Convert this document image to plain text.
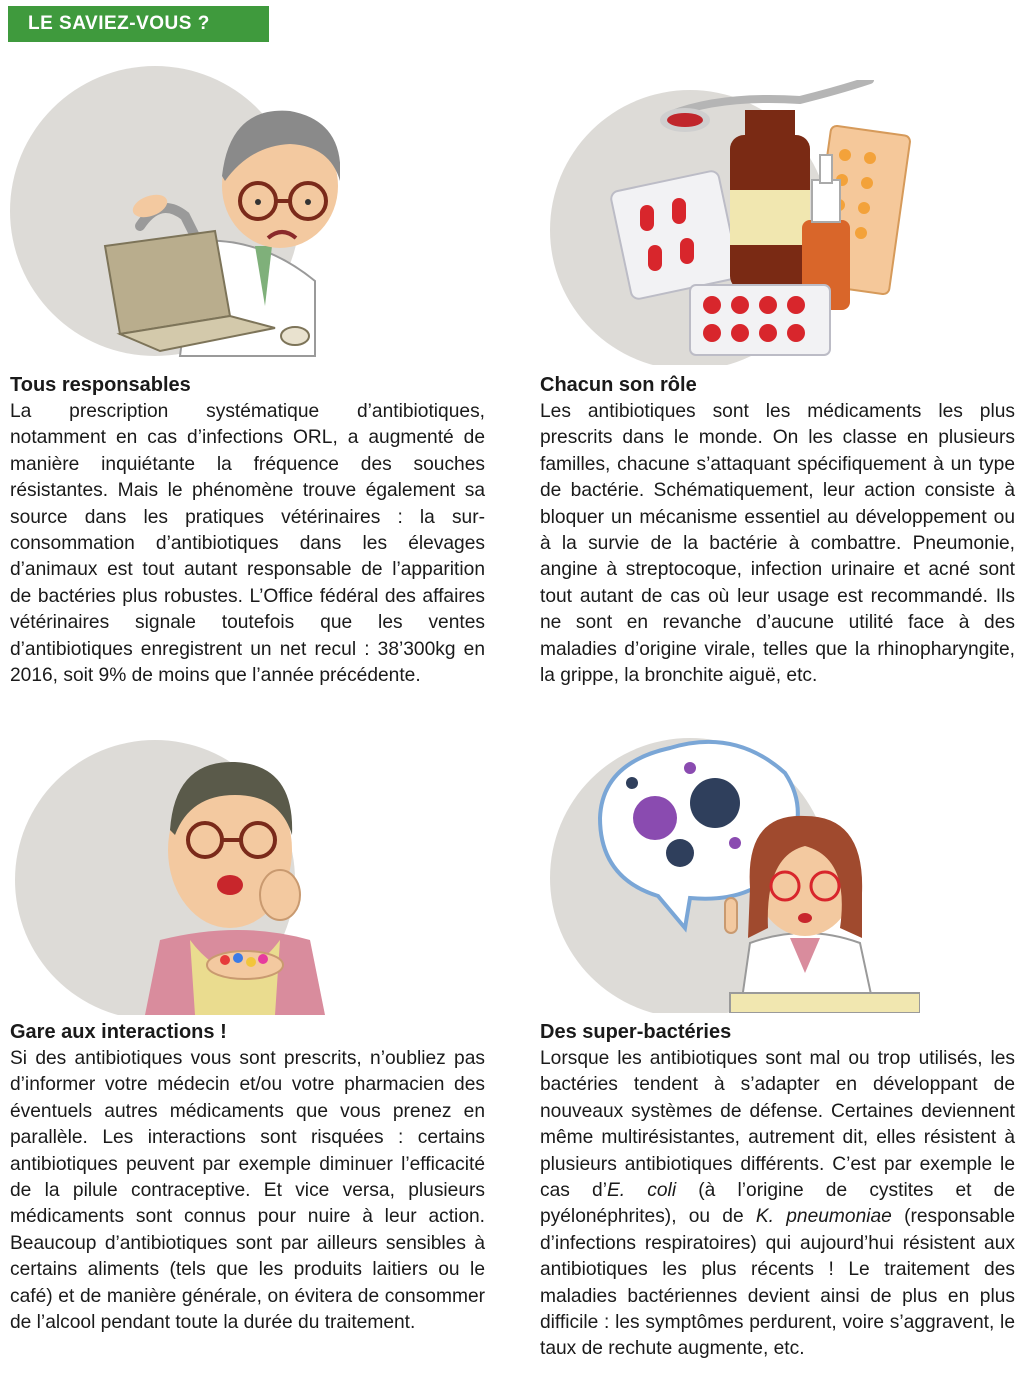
LE SAVIEZ-VOUS ?
Tous responsables

La prescription systématique d’antibiotiques, notamment en cas d’infections ORL, a augmenté de manière inquiétante la fréquence des souches résistantes. Mais le phénomène trouve également sa source dans les pratiques vétérinaires : la surconsommation d’antibiotiques dans les élevages d’animaux est tout autant responsable de l’apparition de bactéries plus robustes. L’Office fédéral des affaires vétérinaires signale toutefois que les ventes d’antibiotiques enregistrent un net recul : 38’300kg en 2016, soit 9% de moins que l’année précédente.

Chacun son rôle

Les antibiotiques sont les médicaments les plus prescrits dans le monde. On les classe en plusieurs familles, chacune s’attaquant spécifiquement à un type de bactérie. Schématiquement, leur action consiste à bloquer un mécanisme essentiel au développement ou à la survie de la bactérie à combattre. Pneumonie, angine à streptocoque, infection urinaire et acné sont tout autant de cas où leur usage est recommandé. Ils ne sont en revanche d’aucune utilité face à des maladies d’origine virale, telles que la rhinopharyngite, la grippe, la bronchite aiguë, etc.

Gare aux interactions !

Si des antibiotiques vous sont prescrits, n’oubliez pas d’informer votre médecin et/ou votre pharmacien des éventuels autres médicaments que vous prenez en parallèle. Les interactions sont risquées : certains antibiotiques peuvent par exemple diminuer l’efficacité de la pilule contraceptive. Et vice versa, plusieurs médicaments sont connus pour nuire à leur action. Beaucoup d’antibiotiques sont par ailleurs sensibles à certains aliments (tels que les produits laitiers ou le café) et de manière générale, on évitera de consommer de l’alcool pendant toute la durée du traitement.

Des super-bactéries

Lorsque les antibiotiques sont mal ou trop utilisés, les bactéries tendent à s’adapter en développant de nouveaux systèmes de défense. Certaines deviennent même multirésistantes, autrement dit, elles résistent à plusieurs antibiotiques différents. C’est par exemple le cas d’E. coli (à l’origine de cystites et de pyélonéphrites), ou de K. pneumoniae (responsable d’infections respiratoires) qui aujourd’hui résistent aux antibiotiques les plus récents ! Le traitement des maladies bactériennes devient ainsi de plus en plus difficile : les symptômes perdurent, voire s’aggravent, le taux de rechute augmente, etc.
